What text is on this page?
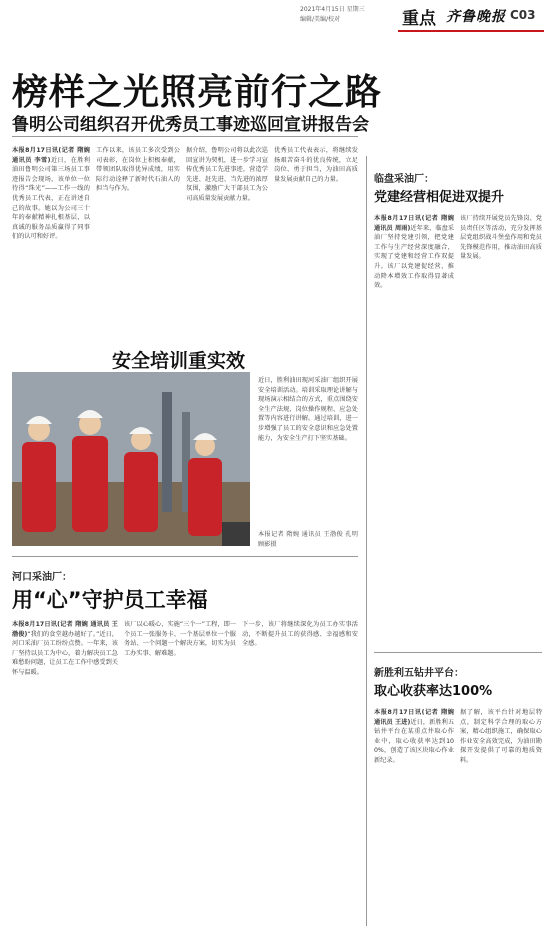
2021年4月15日 星期三
编辑/美编/校对	重点 齐鲁晚报 C03
榜样之光照亮前行之路
鲁明公司组织召开优秀员工事迹巡回宣讲报告会
本报8月17日讯(记者 隋婉 通讯员 李雪)近日，在胜利油田鲁明公司第三场员工事迹报告会现场，该单位一位待得“珠光”——工作一线的优秀员工代表，正在讲述自己的故事。她以为公司三十年的奉献精神扎根基层，以真诚的服务品质赢得了同事们的认可和好评。
工作以来，该员工多次受到公司表彰，在岗位上积极奉献，带领团队取得优异成绩，用实际行动诠释了新时代石油人的担当与作为。
据介绍，鲁明公司将以此次巡回宣讲为契机，进一步学习宣传优秀员工先进事迹，营造学先进、赶先进、当先进的浓厚氛围，激励广大干部员工为公司高质量发展贡献力量。
优秀员工代表表示，将继续发扬艰苦奋斗的优良传统，立足岗位、勇于担当，为油田高质量发展贡献自己的力量。
安全培训重实效
近日，胜利油田现河采油厂组织开展安全培训活动。培训采取理论讲解与现场演示相结合的方式，重点围绕安全生产法规、岗位操作规程、应急处置等内容进行讲解。通过培训，进一步增强了员工的安全意识和应急处置能力，为安全生产打下坚实基础。
本报记者 隋婉 通讯员 王渤俊 孔明 顾影摄
河口采油厂：
用“心”守护员工幸福
本报8月17日讯(记者 隋婉 通讯员 王渤俊)“我们的食堂越办越好了。”近日，河口采油厂员工纷纷点赞。一年来，该厂坚持以员工为中心，着力解决员工急难愁盼问题，让员工在工作中感受到关怀与温暖。
该厂以心暖心，实施“三个一”工程，即一个员工一张服务卡、一个基层单位一个服务站、一个问题一个解决方案，切实为员工办实事、解难题。
下一步，该厂将继续深化为员工办实事活动，不断提升员工的获得感、幸福感和安全感。
临盘采油厂：
党建经营相促进双提升
本报8月17日讯(记者 隋婉 通讯员 周雨)近年来，临盘采油厂坚持党建引领，把党建工作与生产经营深度融合，实现了党建和经营工作双提升。该厂以党建促经营，推动降本增效工作取得显著成效。
该厂持续开展党员先锋岗、党员责任区等活动，充分发挥基层党组织战斗堡垒作用和党员先锋模范作用，推动油田高质量发展。
新胜利五钻井平台：
取心收获率达100%
本报8月17日讯(记者 隋婉 通讯员 王进)近日，新胜利五钻井平台在某重点井取心作业中，取心收获率达到100%，创造了该区块取心作业新纪录。
据了解，该平台针对地层特点，制定科学合理的取心方案，精心组织施工，确保取心作业安全高效完成，为油田勘探开发提供了可靠的地质资料。
